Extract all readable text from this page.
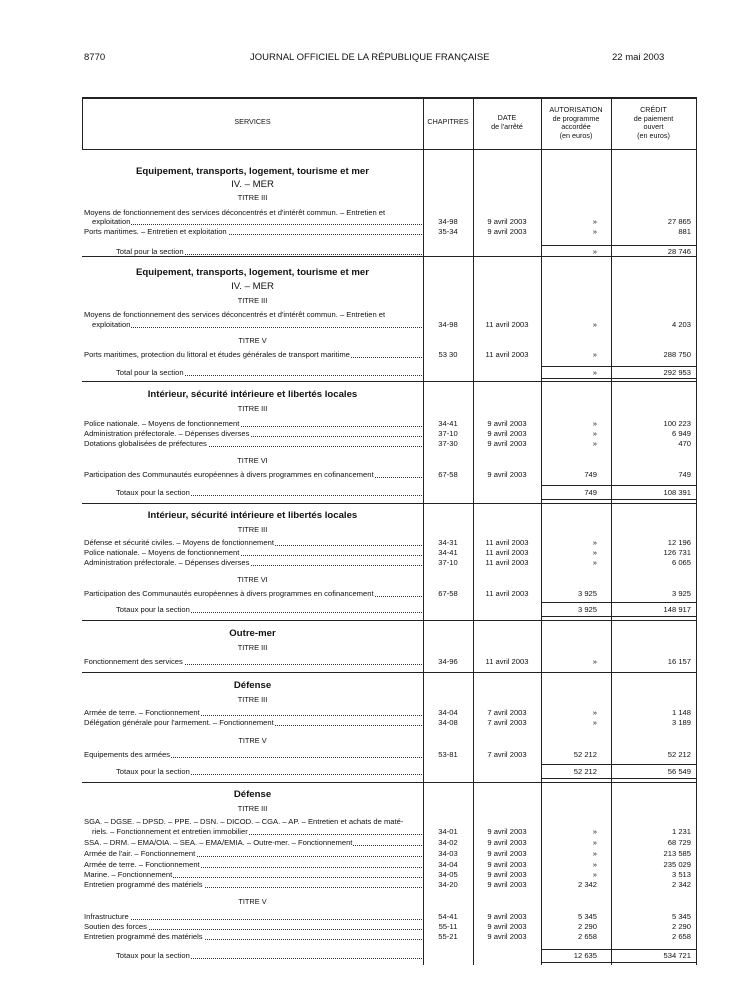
8770	JOURNAL OFFICIEL DE LA RÉPUBLIQUE FRANÇAISE	22 mai 2003
SERVICES	CHAPITRES	DATE
de l'arrêté
AUTORISATION
de programme
accordée
(en euros)
CRÉDIT
de paiement
ouvert
(en euros)
Equipement, transports, logement, tourisme et mer
IV. – MER
TITRE III
Moyens de fonctionnement des services déconcentrés et d'intérêt commun. – Entretien et
exploitation	34-98	9 avril 2003	»	27 865
Ports maritimes. – Entretien et exploitation	35-34	9 avril 2003	»	881
Total pour la section	»	28 746
Equipement, transports, logement, tourisme et mer
IV. – MER
TITRE III
Moyens de fonctionnement des services déconcentrés et d'intérêt commun. – Entretien et
exploitation	34-98	11 avril 2003	»	4 203
TITRE V
Ports maritimes, protection du littoral et études générales de transport maritime	53 30	11 avril 2003	»	288 750
Total pour la section	»	292 953
Intérieur, sécurité intérieure et libertés locales
TITRE III
Police nationale. – Moyens de fonctionnement	34-41	9 avril 2003	»	100 223
Administration préfectorale. – Dépenses diverses	37-10	9 avril 2003	»	6 949
Dotations globalisées de préfectures	37-30	9 avril 2003	»	470
TITRE VI
Participation des Communautés européennes à divers programmes en cofinancement	67-58	9 avril 2003	749	749
Totaux pour la section	749	108 391
Intérieur, sécurité intérieure et libertés locales
TITRE III
Défense et sécurité civiles. – Moyens de fonctionnement	34-31	11 avril 2003	»	12 196
Police nationale. – Moyens de fonctionnement	34-41	11 avril 2003	»	126 731
Administration préfectorale. – Dépenses diverses	37-10	11 avril 2003	»	6 065
TITRE VI
Participation des Communautés européennes à divers programmes en cofinancement	67-58	11 avril 2003	3 925	3 925
Totaux pour la section	3 925	148 917
Outre-mer
TITRE III
Fonctionnement des services	34-96	11 avril 2003	»	16 157
Défense
TITRE III
Armée de terre. – Fonctionnement	34-04	7 avril 2003	»	1 148
Délégation générale pour l'armement. – Fonctionnement	34-08	7 avril 2003	»	3 189
TITRE V
Equipements des armées	53-81	7 avril 2003	52 212	52 212
Totaux pour la section	52 212	56 549
Défense
TITRE III
SGA. – DGSE. – DPSD. – PPE. – DSN. – DICOD. – CGA. – AP. – Entretien et achats de maté-
riels. – Fonctionnement et entretien immobilier	34-01	9 avril 2003	»	1 231
SSA. – DRM. – EMA/OIA. – SEA. – EMA/EMIA. – Outre-mer. – Fonctionnement	34-02	9 avril 2003	»	68 729
Armée de l'air. – Fonctionnement	34-03	9 avril 2003	»	213 585
Armée de terre. – Fonctionnement	34-04	9 avril 2003	»	235 029
Marine. – Fonctionnement	34-05	9 avril 2003	»	3 513
Entretien programmé des matériels	34-20	9 avril 2003	2 342	2 342
TITRE V
Infrastructure	54-41	9 avril 2003	5 345	5 345
Soutien des forces	55-11	9 avril 2003	2 290	2 290
Entretien programmé des matériels	55-21	9 avril 2003	2 658	2 658
Totaux pour la section	12 635	534 721
